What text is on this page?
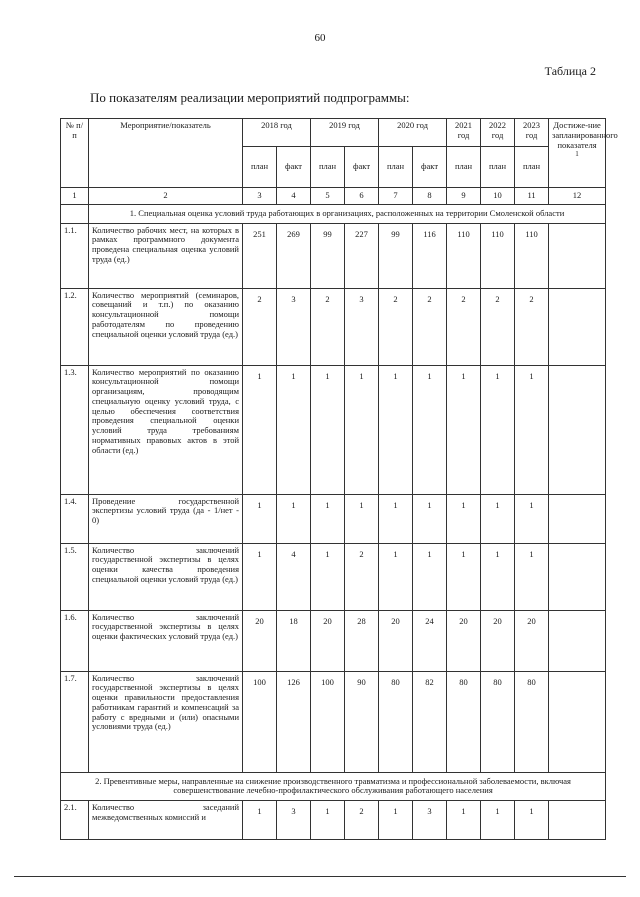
60
Таблица 2
По показателям реализации мероприятий подпрограммы:
№ п/п	Мероприятие/показатель	2018 год		2019 год		2020 год		2021 год	2022 год	2023 год	Достиже-ние запланированного показателя
1

		план	факт	план	факт	план	факт	план	план	план	
1	2	3	4	5	6	7	8	9	10	11	12
	1. Специальная оценка условий труда работающих в организациях, расположенных на территории Смоленской области										
1.1.	Количество рабочих мест, на которых в рамках программного документа проведена специальная оценка условий труда (ед.)	251	269	99	227	99	116	110	110	110	
1.2.	Количество мероприятий (семинаров, совещаний и т.п.) по оказанию консультационной помощи работодателям по проведению специальной оценки условий труда (ед.)	2	3	2	3	2	2	2	2	2	
1.3.	Количество мероприятий по оказанию консультационной помощи организациям, проводящим специальную оценку условий труда, с целью обеспечения соответствия проведения специальной оценки условий труда требованиям нормативных правовых актов в этой области (ед.)	1	1	1	1	1	1	1	1	1	
1.4.	Проведение государственной экспертизы условий труда (да - 1/нет - 0)	1	1	1	1	1	1	1	1	1	
1.5.	Количество заключений государственной экспертизы в целях оценки качества проведения специальной оценки условий труда (ед.)	1	4	1	2	1	1	1	1	1	
1.6.	Количество заключений государственной экспертизы в целях оценки фактических условий труда (ед.)	20	18	20	28	20	24	20	20	20	
1.7.	Количество заключений государственной экспертизы в целях оценки правильности предоставления работникам гарантий и компенсаций за работу с вредными и (или) опасными условиями труда (ед.)	100	126	100	90	80	82	80	80	80	
2. Превентивные меры, направленные на снижение производственного травматизма и профессиональной заболеваемости, включая совершенствование лечебно-профилактического обслуживания работающего населения											
2.1.	Количество заседаний межведомственных комиссий и	1	3	1	2	1	3	1	1	1	
